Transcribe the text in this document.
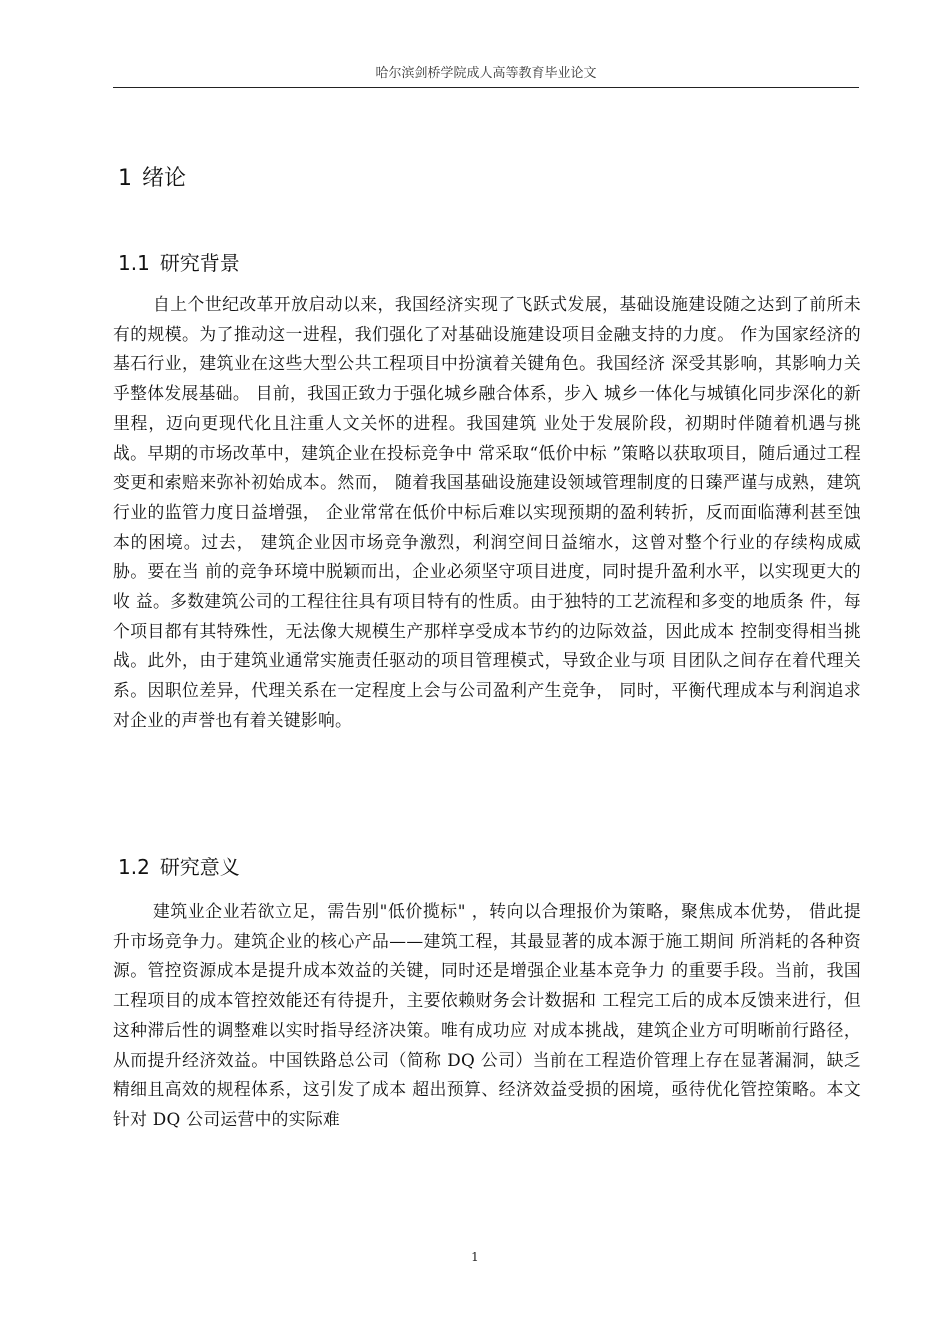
哈尔滨剑桥学院成人高等教育毕业论文
1 绪论
1.1 研究背景

自上个世纪改革开放启动以来，我国经济实现了飞跃式发展，基础设施建设随之达到了前所未有的规模。为了推动这一进程，我们强化了对基础设施建设项目金融支持的力度。 作为国家经济的基石行业，建筑业在这些大型公共工程项目中扮演着关键角色。我国经济 深受其影响，其影响力关乎整体发展基础。 目前，我国正致力于强化城乡融合体系，步入 城乡一体化与城镇化同步深化的新里程，迈向更现代化且注重人文关怀的进程。我国建筑 业处于发展阶段，初期时伴随着机遇与挑战。早期的市场改革中，建筑企业在投标竞争中 常采取“低价中标 ”策略以获取项目，随后通过工程变更和索赔来弥补初始成本。然而， 随着我国基础设施建设领域管理制度的日臻严谨与成熟，建筑行业的监管力度日益增强， 企业常常在低价中标后难以实现预期的盈利转折，反而面临薄利甚至蚀本的困境。过去， 建筑企业因市场竞争激烈，利润空间日益缩水，这曾对整个行业的存续构成威胁。要在当 前的竞争环境中脱颖而出，企业必须坚守项目进度，同时提升盈利水平，以实现更大的收 益。多数建筑公司的工程往往具有项目特有的性质。由于独特的工艺流程和多变的地质条 件，每个项目都有其特殊性，无法像大规模生产那样享受成本节约的边际效益，因此成本 控制变得相当挑战。此外，由于建筑业通常实施责任驱动的项目管理模式，导致企业与项 目团队之间存在着代理关系。因职位差异，代理关系在一定程度上会与公司盈利产生竞争， 同时，平衡代理成本与利润追求对企业的声誉也有着关键影响。

1.2 研究意义

建筑业企业若欲立足，需告别"低价揽标" ，转向以合理报价为策略，聚焦成本优势， 借此提升市场竞争力。建筑企业的核心产品——建筑工程，其最显著的成本源于施工期间 所消耗的各种资源。管控资源成本是提升成本效益的关键，同时还是增强企业基本竞争力 的重要手段。当前，我国工程项目的成本管控效能还有待提升，主要依赖财务会计数据和 工程完工后的成本反馈来进行，但这种滞后性的调整难以实时指导经济决策。唯有成功应 对成本挑战，建筑企业方可明晰前行路径，从而提升经济效益。中国铁路总公司（简称 DQ 公司）当前在工程造价管理上存在显著漏洞，缺乏精细且高效的规程体系，这引发了成本 超出预算、经济效益受损的困境，亟待优化管控策略。本文针对 DQ 公司运营中的实际难

1
